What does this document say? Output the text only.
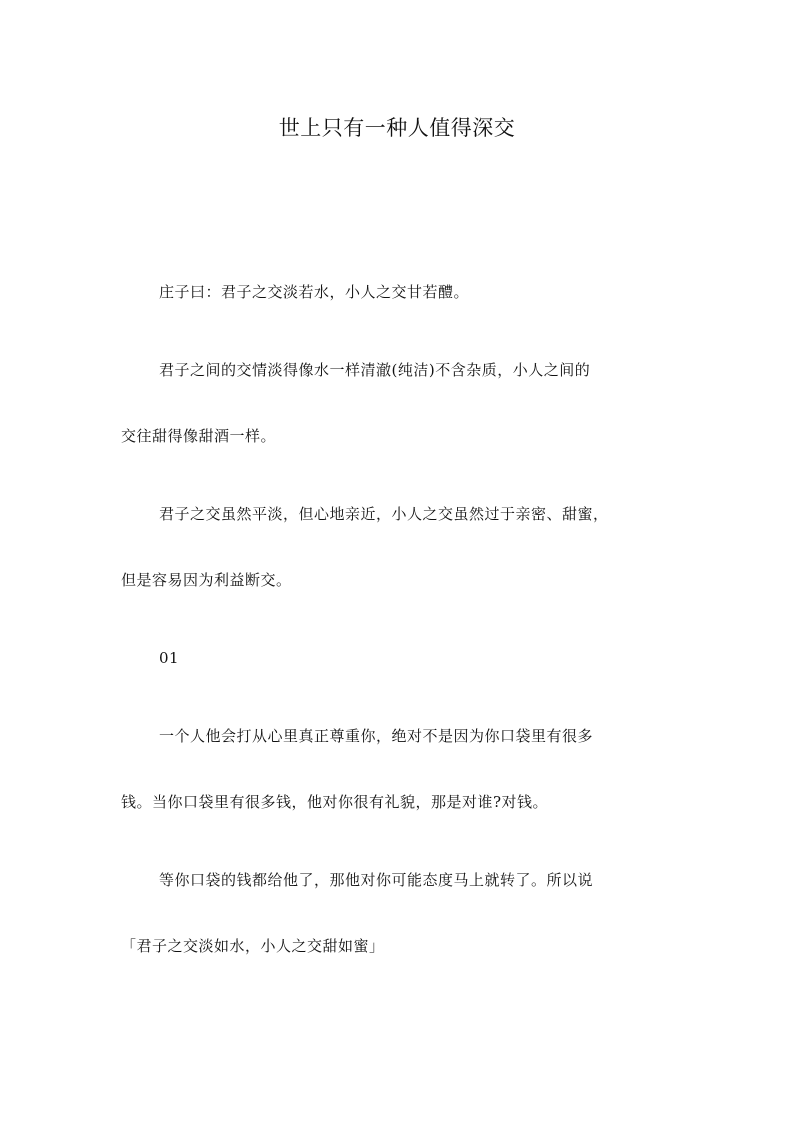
世上只有一种人值得深交

庄子曰：君子之交淡若水，小人之交甘若醴。

君子之间的交情淡得像水一样清澈(纯洁)不含杂质，小人之间的

交往甜得像甜酒一样。

君子之交虽然平淡，但心地亲近，小人之交虽然过于亲密、甜蜜，

但是容易因为利益断交。

01

一个人他会打从心里真正尊重你，绝对不是因为你口袋里有很多

钱。当你口袋里有很多钱，他对你很有礼貌，那是对谁?对钱。

等你口袋的钱都给他了，那他对你可能态度马上就转了。所以说

「君子之交淡如水，小人之交甜如蜜」
